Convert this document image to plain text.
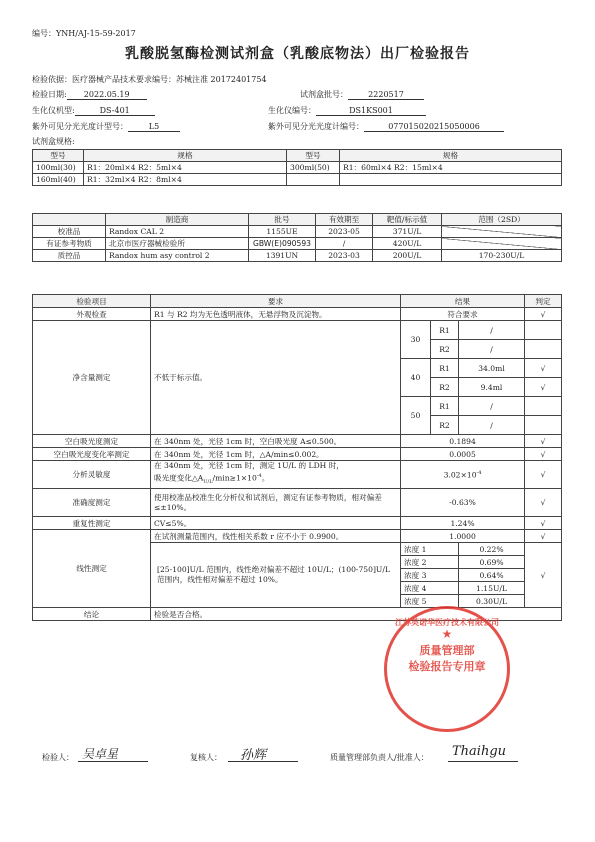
编号：YNH/AJ-15-59-2017
乳酸脱氢酶检测试剂盒（乳酸底物法）出厂检验报告
检验依据：医疗器械产品技术要求编号：苏械注准 20172401754
检验日期: 2022.05.19	试剂盒批号：	2220517
生化仪机型:	DS-401	生化仪编号：	DS1KS001
紫外可见分光光度计型号：	L5	紫外可见分光光度计编号：	077015020215050006
试剂盒规格:
型号	规格	型号	规格
100ml(30)	R1：20ml×4 R2：5ml×4	300ml(50)	R1：60ml×4 R2：15ml×4
160ml(40)	R1：32ml×4 R2：8ml×4		
	制造商	批号	有效期至	靶值/标示值	范围（2SD）
校准品	Randox CAL 2	1155UE	2023-05	371U/L	
有证参考物质	北京市医疗器械检验所	GBW(E)090593	/	420U/L	
质控品	Randox hum asy control 2	1391UN	2023-03	200U/L	170-230U/L
检验项目	要求	结果			判定
外观检查	R1 与 R2 均为无色透明液体，无悬浮物及沉淀物。	符合要求			√
净含量测定	不低于标示值。	30	R1	/	
			R2	/	
		40	R1	34.0ml	√
			R2	9.4ml	√
		50	R1	/	
			R2	/	
空白吸光度测定	在 340nm 处，光径 1cm 时，空白吸光度 A≤0.500。	0.1894			√
空白吸光度变化率测定	在 340nm 处，光径 1cm 时，△A/min≤0.002。	0.0005			√
分析灵敏度	在 340nm 处，光径 1cm 时，测定 1U/L 的 LDH 时，
吸光度变化$\triangle A_{U/L}/\min\ge 1\times 10^{-4}$。	$3.02\times 10^{-4}$			√
准确度测定	使用校准品校准生化分析仪和试剂后，测定有证参考物质，相对偏差≤±10%。	-0.63%			√
重复性测定	CV≤5%。	1.24%			√
线性测定	在试剂测量范围内，线性相关系数 r 应不小于 0.9900。	1.0000			√
	[25-100]U/L 范围内，线性绝对偏差不超过 10U/L；(100-750]U/L 范围内，线性相对偏差不超过 10%。	浓度 1		0.22%	√
		浓度 2		0.69%	
		浓度 3		0.64%	
		浓度 4		1.15U/L	
		浓度 5		0.30U/L	
结论	检验是否合格。				
江苏英诺华医疗技术有限公司
★
质量管理部
检验报告专用章
检验人： 吴卓星	复核人： 孙辉	质量管理部负责人/批准人： Thaihgu
